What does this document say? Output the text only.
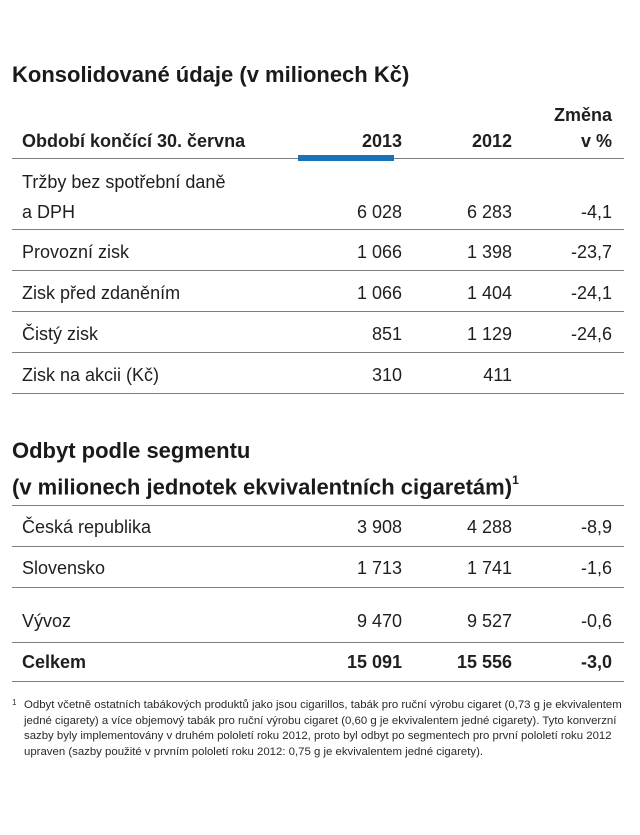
Konsolidované údaje (v milionech Kč)
Období končící 30. června	2013	2012
Změna
v %
Tržby bez spotřební daně
a DPH	6 028	6 283	-4,1
Provozní zisk	1 066	1 398	-23,7
Zisk před zdaněním	1 066	1 404	-24,1
Čistý zisk	851	1 129	-24,6
Zisk na akcii (Kč)	310	411
Odbyt podle segmentu
(v milionech jednotek ekvivalentních cigaretám)$^1$
Česká republika	3 908	4 288	-8,9
Slovensko	1 713	1 741	-1,6
Vývoz	9 470	9 527	-0,6
Celkem	15 091	15 556	-3,0
1 Odbyt včetně ostatních tabákových produktů jako jsou cigarillos, tabák pro ruční výrobu cigaret (0,73 g je ekvivalentem jedné cigarety) a více objemový tabák pro ruční výrobu cigaret (0,60 g je ekvivalentem jedné cigarety). Tyto konverzní sazby byly implementovány v druhém pololetí roku 2012, proto byl odbyt po segmentech pro první pololetí roku 2012 upraven (sazby použité v prvním pololetí roku 2012: 0,75 g je ekvivalentem jedné cigarety).
